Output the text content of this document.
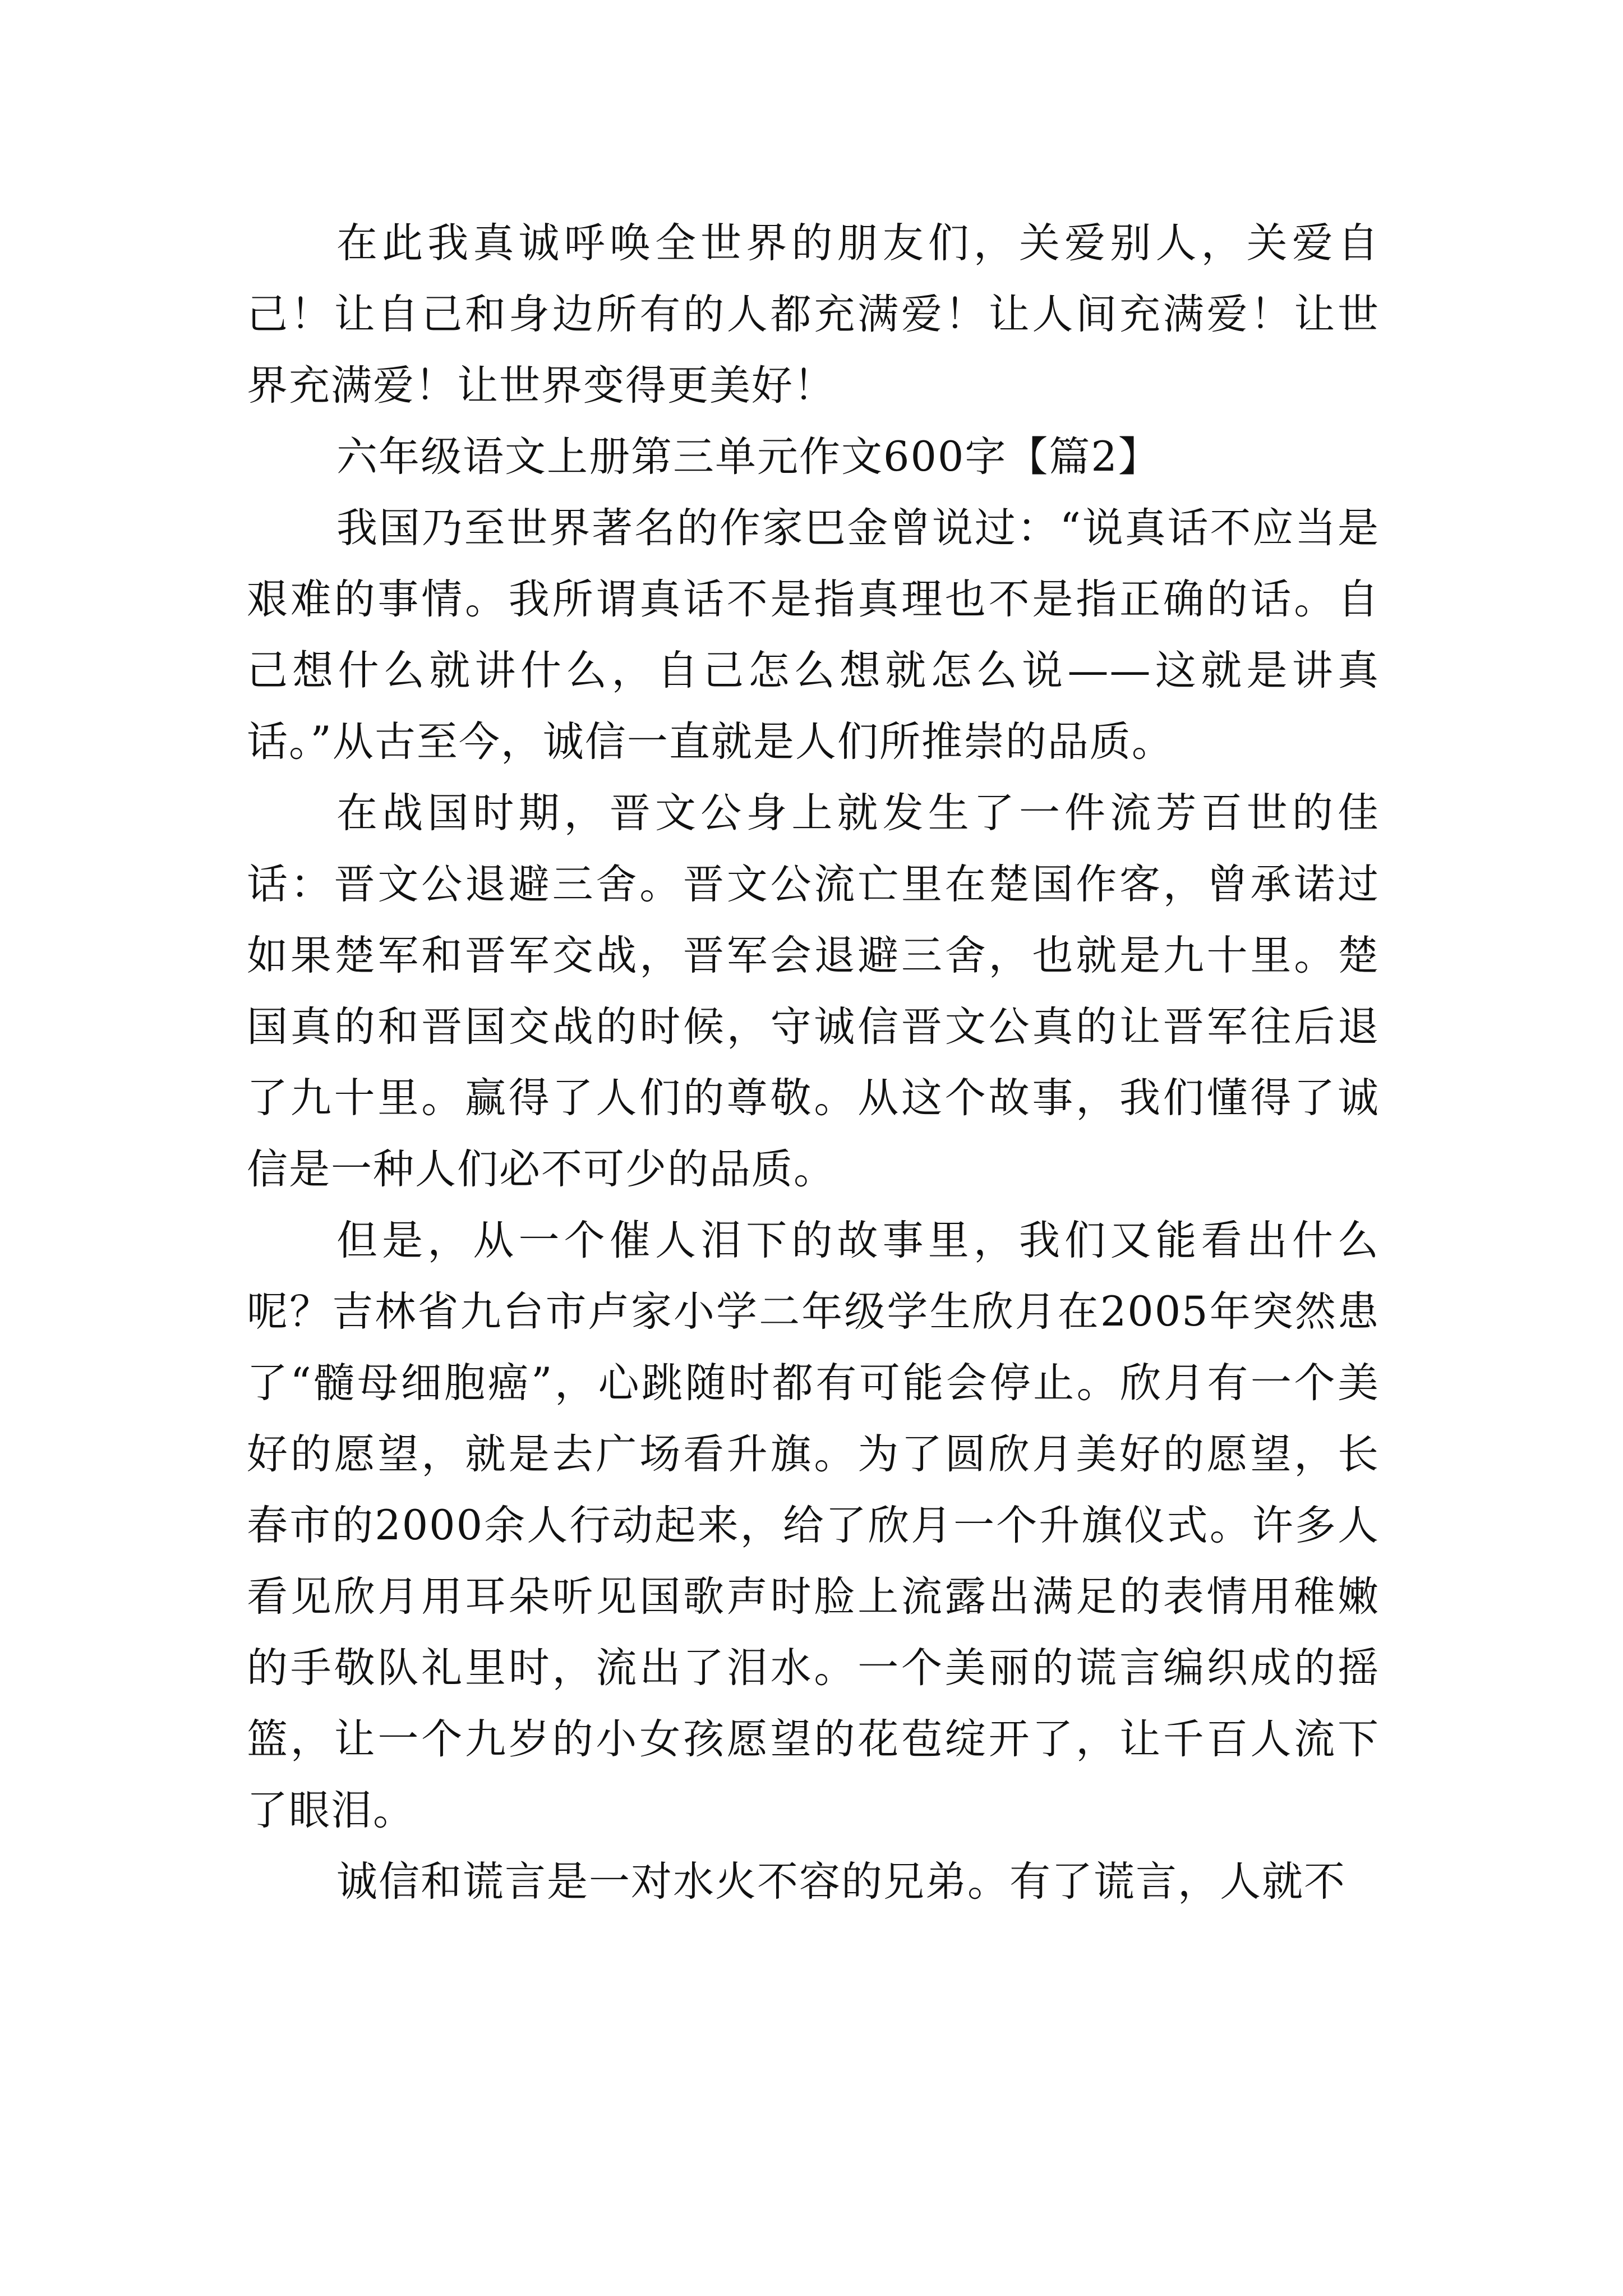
在此我真诚呼唤全世界的朋友们，关爱别人，关爱自己！让自己和身边所有的人都充满爱！让人间充满爱！让世界充满爱！让世界变得更美好！

六年级语文上册第三单元作文600字【篇2】

我国乃至世界著名的作家巴金曾说过：“说真话不应当是艰难的事情。我所谓真话不是指真理也不是指正确的话。自己想什么就讲什么，自己怎么想就怎么说——这就是讲真话。”从古至今，诚信一直就是人们所推崇的品质。

在战国时期，晋文公身上就发生了一件流芳百世的佳话：晋文公退避三舍。晋文公流亡里在楚国作客，曾承诺过如果楚军和晋军交战，晋军会退避三舍，也就是九十里。楚国真的和晋国交战的时候，守诚信晋文公真的让晋军往后退了九十里。赢得了人们的尊敬。从这个故事，我们懂得了诚信是一种人们必不可少的品质。

但是，从一个催人泪下的故事里，我们又能看出什么呢？吉林省九台市卢家小学二年级学生欣月在2005年突然患了“髓母细胞癌”，心跳随时都有可能会停止。欣月有一个美好的愿望，就是去广场看升旗。为了圆欣月美好的愿望，长春市的2000余人行动起来，给了欣月一个升旗仪式。许多人看见欣月用耳朵听见国歌声时脸上流露出满足的表情用稚嫩的手敬队礼里时，流出了泪水。一个美丽的谎言编织成的摇篮，让一个九岁的小女孩愿望的花苞绽开了，让千百人流下了眼泪。

诚信和谎言是一对水火不容的兄弟。有了谎言，人就不
